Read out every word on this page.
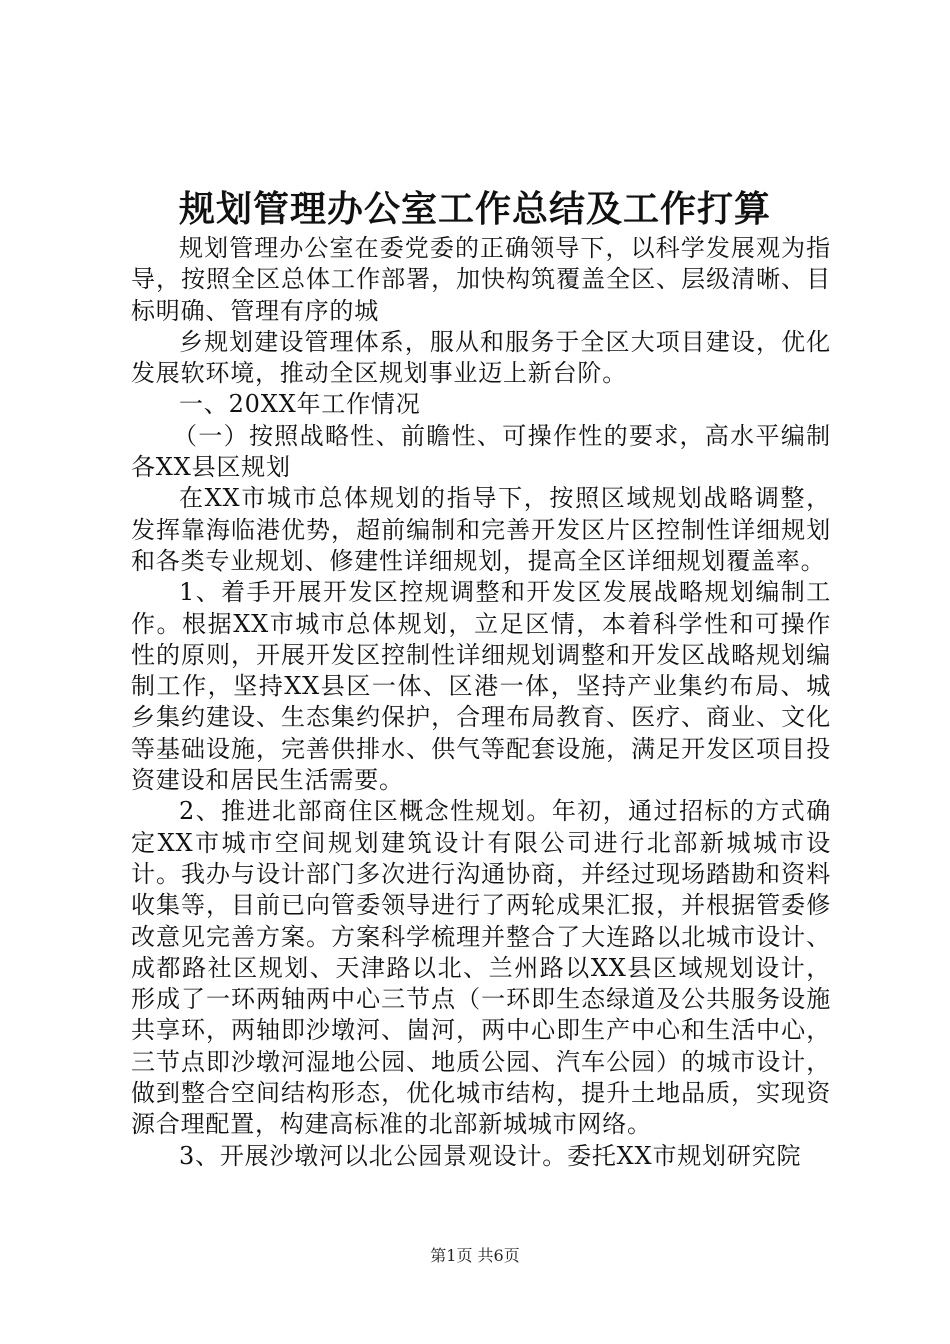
规划管理办公室工作总结及工作打算

规划管理办公室在委党委的正确领导下，以科学发展观为指导，按照全区总体工作部署，加快构筑覆盖全区、层级清晰、目标明确、管理有序的城

乡规划建设管理体系，服从和服务于全区大项目建设，优化发展软环境，推动全区规划事业迈上新台阶。

一、20XX年工作情况

（一）按照战略性、前瞻性、可操作性的要求，高水平编制各XX县区规划

在XX市城市总体规划的指导下，按照区域规划战略调整，发挥靠海临港优势，超前编制和完善开发区片区控制性详细规划和各类专业规划、修建性详细规划，提高全区详细规划覆盖率。

1、着手开展开发区控规调整和开发区发展战略规划编制工作。根据XX市城市总体规划，立足区情，本着科学性和可操作性的原则，开展开发区控制性详细规划调整和开发区战略规划编制工作，坚持XX县区一体、区港一体，坚持产业集约布局、城乡集约建设、生态集约保护，合理布局教育、医疗、商业、文化等基础设施，完善供排水、供气等配套设施，满足开发区项目投资建设和居民生活需要。

2、推进北部商住区概念性规划。年初，通过招标的方式确定XX市城市空间规划建筑设计有限公司进行北部新城城市设计。我办与设计部门多次进行沟通协商，并经过现场踏勘和资料收集等，目前已向管委领导进行了两轮成果汇报，并根据管委修改意见完善方案。方案科学梳理并整合了大连路以北城市设计、成都路社区规划、天津路以北、兰州路以XX县区域规划设计，形成了一环两轴两中心三节点（一环即生态绿道及公共服务设施共享环，两轴即沙墩河、崮河，两中心即生产中心和生活中心，三节点即沙墩河湿地公园、地质公园、汽车公园）的城市设计，做到整合空间结构形态，优化城市结构，提升土地品质，实现资源合理配置，构建高标准的北部新城城市网络。

3、开展沙墩河以北公园景观设计。委托XX市规划研究院

第1页 共6页
